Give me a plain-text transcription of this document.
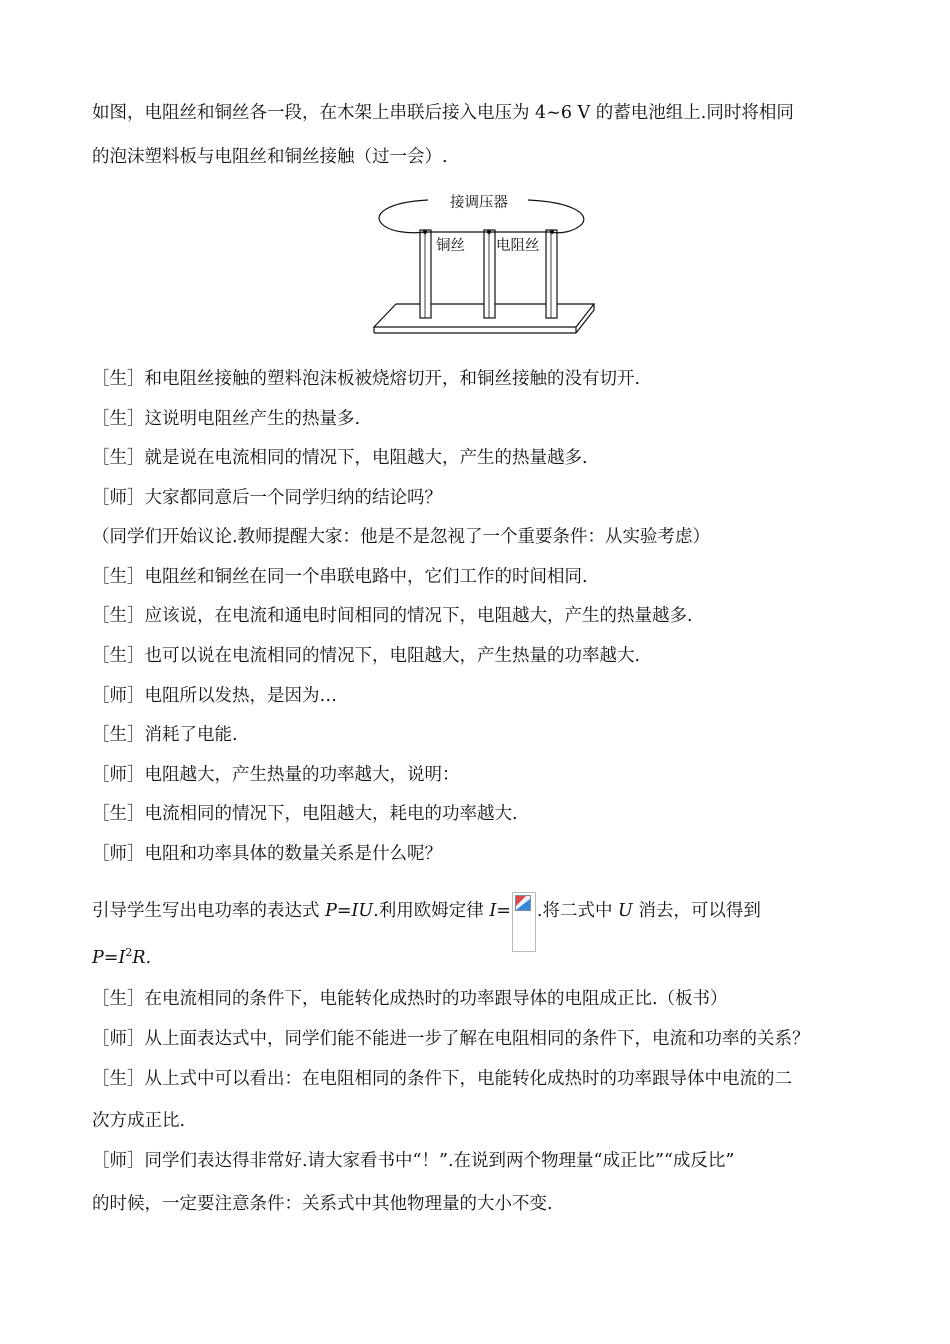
如图，电阻丝和铜丝各一段，在木架上串联后接入电压为 4~6 V 的蓄电池组上.同时将相同
的泡沫塑料板与电阻丝和铜丝接触（过一会）.
接调压器
铜丝 电阻丝
［生］和电阻丝接触的塑料泡沫板被烧熔切开，和铜丝接触的没有切开.
［生］这说明电阻丝产生的热量多.
［生］就是说在电流相同的情况下，电阻越大，产生的热量越多.
［师］大家都同意后一个同学归纳的结论吗？
（同学们开始议论.教师提醒大家：他是不是忽视了一个重要条件：从实验考虑）
［生］电阻丝和铜丝在同一个串联电路中，它们工作的时间相同.
［生］应该说，在电流和通电时间相同的情况下，电阻越大，产生的热量越多.
［生］也可以说在电流相同的情况下，电阻越大，产生热量的功率越大.
［师］电阻所以发热，是因为…
［生］消耗了电能.
［师］电阻越大，产生热量的功率越大，说明：
［生］电流相同的情况下，电阻越大，耗电的功率越大.
［师］电阻和功率具体的数量关系是什么呢？
引导学生写出电功率的表达式 P=IU.利用欧姆定律 I= .将二式中 U 消去，可以得到
$P=I^2R$.
［生］在电流相同的条件下，电能转化成热时的功率跟导体的电阻成正比.（板书）
［师］从上面表达式中，同学们能不能进一步了解在电阻相同的条件下，电流和功率的关系？
［生］从上式中可以看出：在电阻相同的条件下，电能转化成热时的功率跟导体中电流的二
次方成正比.
［师］同学们表达得非常好.请大家看书中“！”.在说到两个物理量“成正比”“成反比”
的时候，一定要注意条件：关系式中其他物理量的大小不变.
